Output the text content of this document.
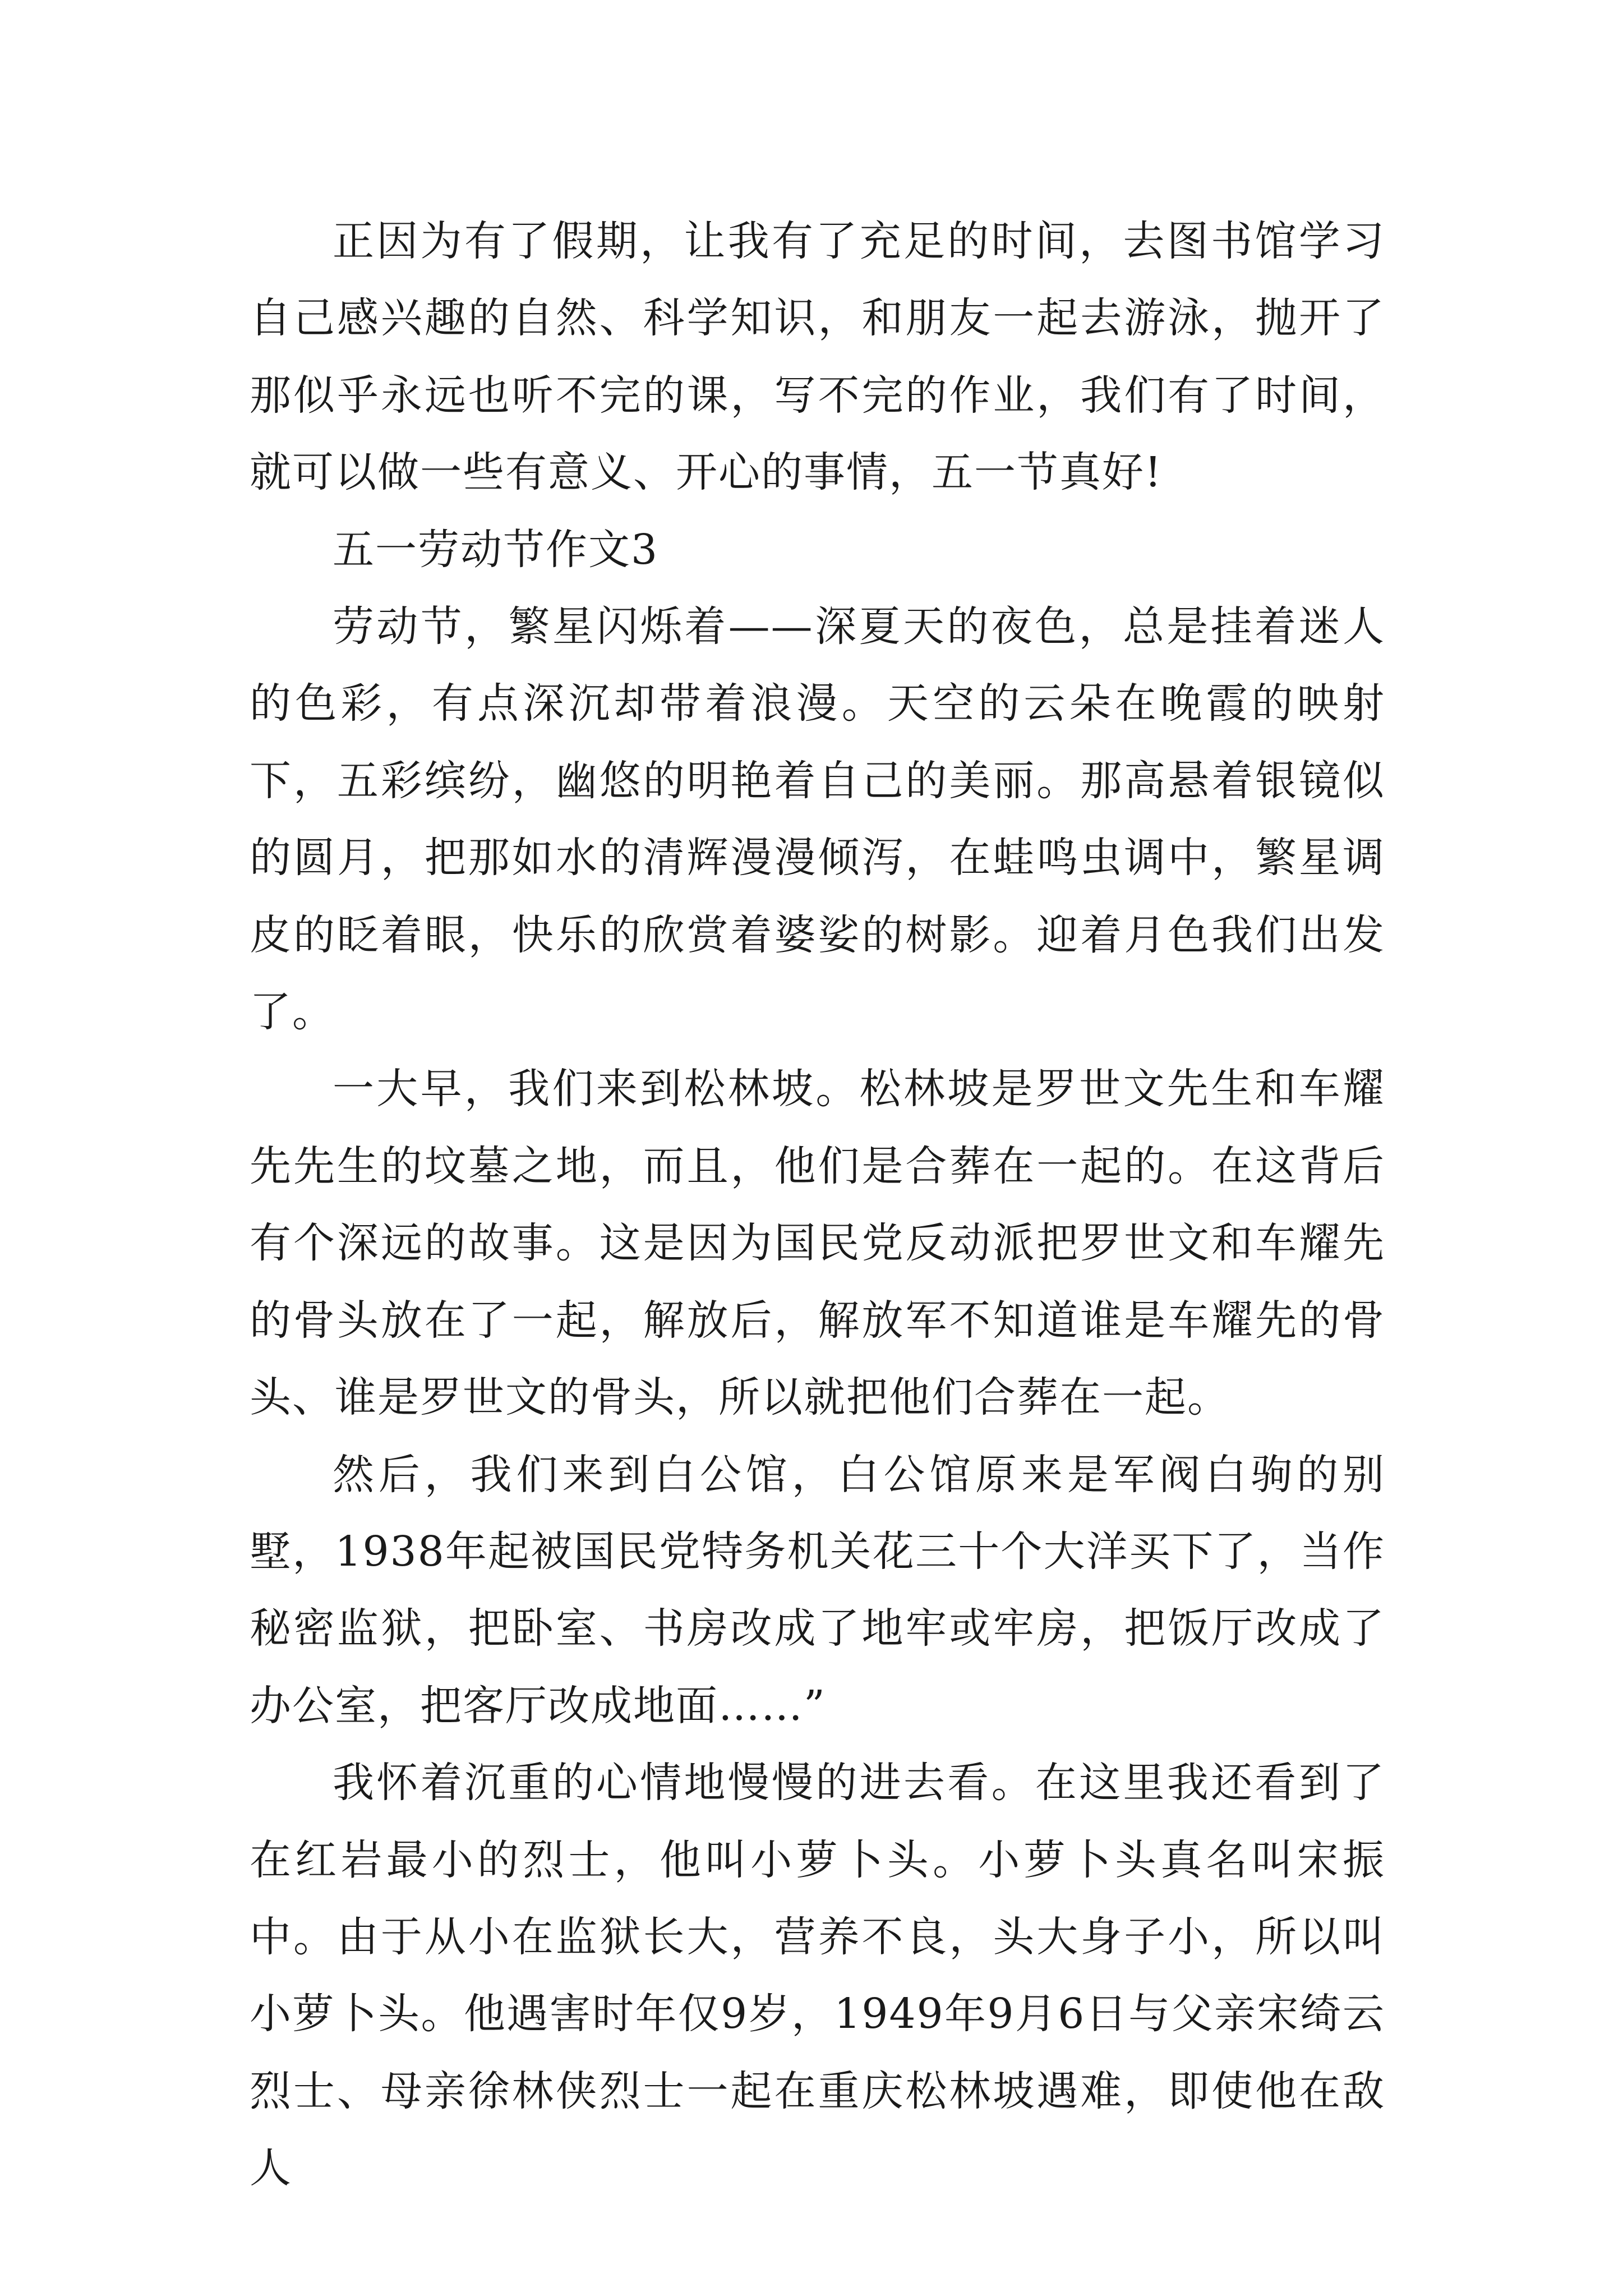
正因为有了假期，让我有了充足的时间，去图书馆学习自己感兴趣的自然、科学知识，和朋友一起去游泳，抛开了那似乎永远也听不完的课，写不完的作业，我们有了时间，就可以做一些有意义、开心的事情，五一节真好!

五一劳动节作文3

劳动节，繁星闪烁着——深夏天的夜色，总是挂着迷人的色彩，有点深沉却带着浪漫。天空的云朵在晚霞的映射下，五彩缤纷，幽悠的明艳着自己的美丽。那高悬着银镜似的圆月，把那如水的清辉漫漫倾泻，在蛙鸣虫调中，繁星调皮的眨着眼，快乐的欣赏着婆娑的树影。迎着月色我们出发了。

一大早，我们来到松林坡。松林坡是罗世文先生和车耀先先生的坟墓之地，而且，他们是合葬在一起的。在这背后有个深远的故事。这是因为国民党反动派把罗世文和车耀先的骨头放在了一起，解放后，解放军不知道谁是车耀先的骨头、谁是罗世文的骨头，所以就把他们合葬在一起。

然后，我们来到白公馆，白公馆原来是军阀白驹的别墅，1938年起被国民党特务机关花三十个大洋买下了，当作秘密监狱，把卧室、书房改成了地牢或牢房，把饭厅改成了办公室，把客厅改成地面……”

我怀着沉重的心情地慢慢的进去看。在这里我还看到了在红岩最小的烈士，他叫小萝卜头。小萝卜头真名叫宋振中。由于从小在监狱长大，营养不良，头大身子小，所以叫小萝卜头。他遇害时年仅9岁，1949年9月6日与父亲宋绮云烈士、母亲徐林侠烈士一起在重庆松林坡遇难，即使他在敌人
